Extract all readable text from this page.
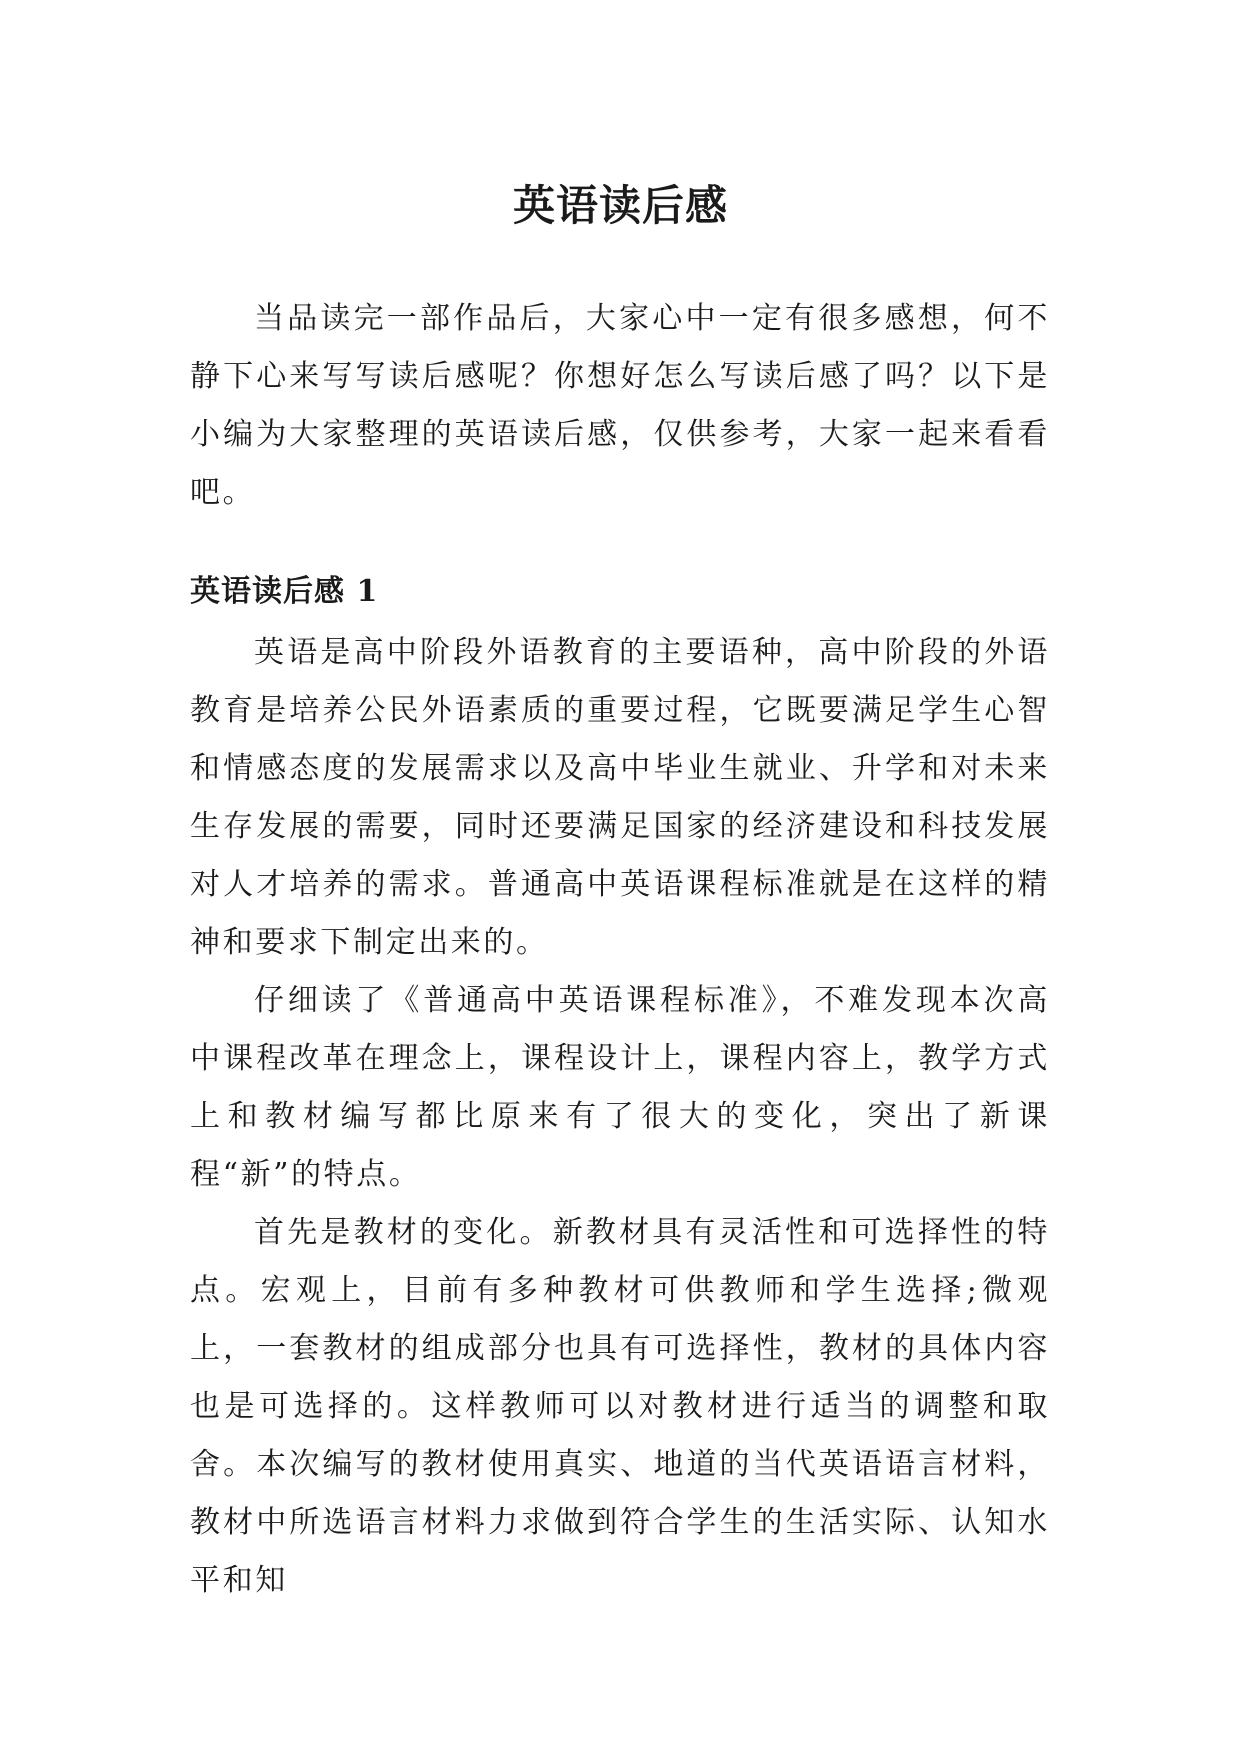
英语读后感

当品读完一部作品后，大家心中一定有很多感想，何不静下心来写写读后感呢？你想好怎么写读后感了吗？以下是小编为大家整理的英语读后感，仅供参考，大家一起来看看吧。

英语读后感 1

英语是高中阶段外语教育的主要语种，高中阶段的外语教育是培养公民外语素质的重要过程，它既要满足学生心智和情感态度的发展需求以及高中毕业生就业、升学和对未来生存发展的需要，同时还要满足国家的经济建设和科技发展对人才培养的需求。普通高中英语课程标准就是在这样的精神和要求下制定出来的。

仔细读了《普通高中英语课程标准》，不难发现本次高中课程改革在理念上，课程设计上，课程内容上，教学方式上和教材编写都比原来有了很大的变化，突出了新课程“新”的特点。

首先是教材的变化。新教材具有灵活性和可选择性的特点。宏观上，目前有多种教材可供教师和学生选择;微观上，一套教材的组成部分也具有可选择性，教材的具体内容也是可选择的。这样教师可以对教材进行适当的调整和取舍。本次编写的教材使用真实、地道的当代英语语言材料，教材中所选语言材料力求做到符合学生的生活实际、认知水平和知
